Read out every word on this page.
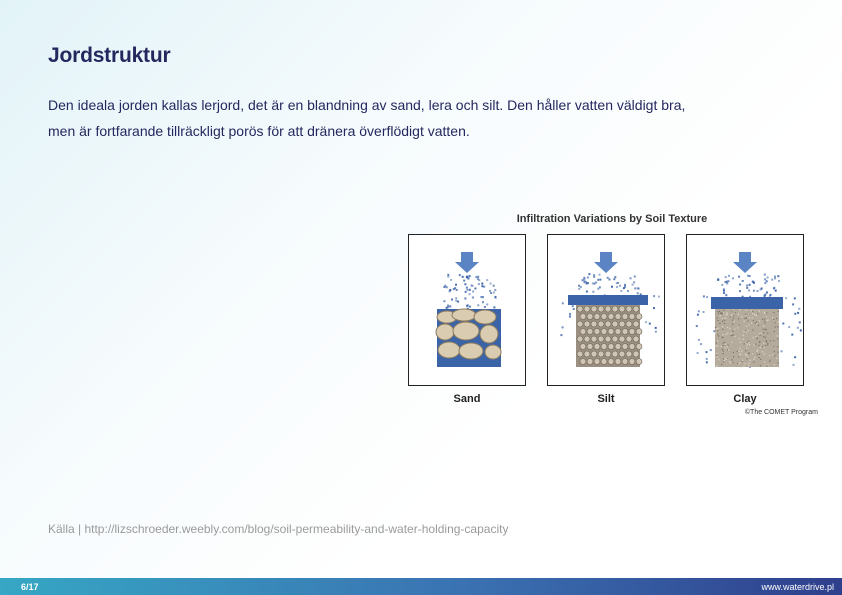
Jordstruktur
Den ideala jorden kallas lerjord, det är en blandning av sand, lera och silt. Den håller vatten väldigt bra,
men är fortfarande tillräckligt porös för att dränera överflödigt vatten.
Infiltration Variations by Soil Texture
Sand	Silt	Clay
©The COMET Program
Källa | http://lizschroeder.weebly.com/blog/soil-permeability-and-water-holding-capacity
6/17	www.waterdrive.pl
